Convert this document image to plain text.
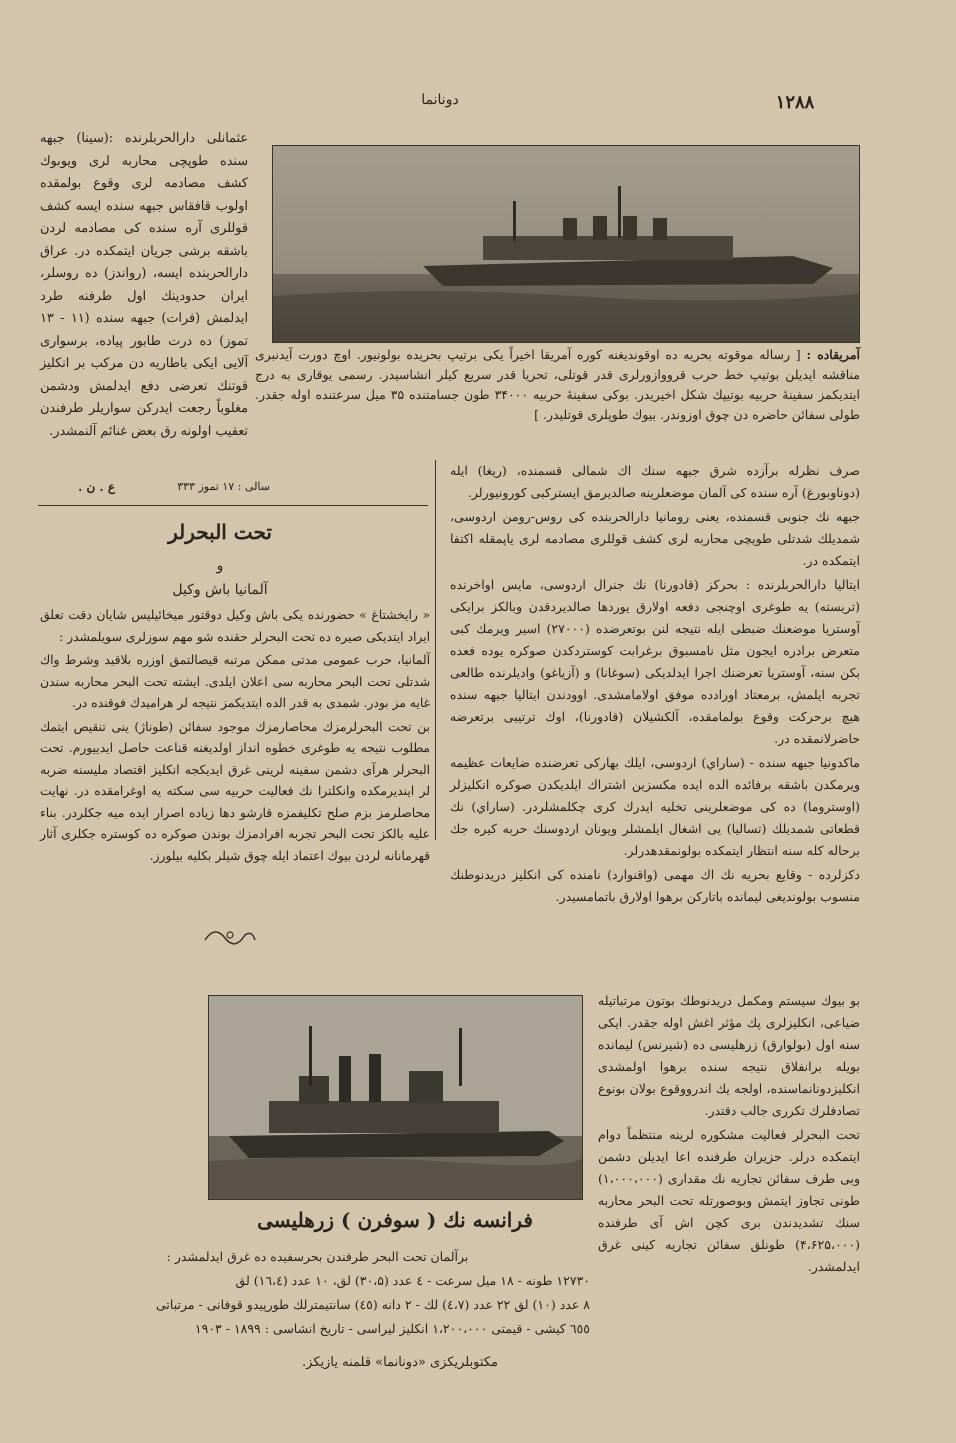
١٢٨٨
دونانما
آمریقاده : [ رساله موقوته بحریه ده اوقوندیغنه کوره آمریقا اخیراً یکی برتیپ بحریده بولونیور. اوچ دورت آیدنبری مناقشه ایدیلن بوتیپ خط حرب قرووازورلری قدر قوتلی، تحریا قدر سریع کیلر انشاسیدر. رسمی یوقاری به درج ایتدیکمز سفینهٔ حربیه بوتیپك شکل اخیریدر. بوکی سفینهٔ حربیه ۳۴۰۰۰ طون جسامتنده ۳۵ میل سرعتنده اوله جقدر. طولی سفائن حاضره دن چوق اوزوندر. بیوك طوپلری قوتلیدر. ]

عثمانلی دارالحربلرنده :(سینا) جبهه سنده طوپچی محاربه لری ویوبوك کشف مصادمه لری وقوع بولمقده اولوب قافقاس جبهه سنده ایسه کشف قوللری آره سنده کی مصادمه لردن باشقه برشی جریان ایتمکده در. عراق دارالحربنده ایسه، (رواندز) ده روسلر، ایران حدودینك اول طرفنه طرد ایدلمش (فرات) جبهه سنده (۱۱ - ۱۳ تموز) ده درت طابور پیاده، برسواری آلایی ایکی باطاریه دن مرکب بر انکلیز قوتنك تعرضی دفع ایدلمش ودشمن مغلوباً رجعت ایدرکن سواریلر طرفندن تعقیب اولونه رق بعض غنائم آلنمشدر.

سالی : ۱۷ تموز ۳۳۳
ع . ن .

صرف نظرله برآزده شرق جبهه سنك اك شمالی قسمنده، (ریغا) ایله (دوناوبورغ) آره سنده کی آلمان موضعلرینه صالدیرمق ایسترکبی کورونیورلر.

جبهه نك جنوبی قسمنده، یعنی رومانیا دارالحربنده کی روس-رومن اردوسی، شمدیلك شدتلی طوپچی محاربه لری کشف قوللری مصادمه لری یاپمقله اکتفا ایتمکده در.

ایتالیا دارالحربلرنده : بحرکز (قادورنا) نك جنرال اردوسی، مایس اواخرنده (تریسته) یه طوغری اوچنجی دفعه اولارق یوردها صالدیردقدن وبالکز برایکی آوستریا موضعنك ضبطی ایله نتیجه لنن بوتعرضده (۲۷۰۰۰) اسیر ویرمك کبی متعرض برادره ایجون مثل نامسبوق برغرابت کوستردکدن صوکره یوده فعده بکن سنه، آوستریا تعرضنك اجرا ایدلدیکی (سوغانا) و (آزیاغو) وادیلرنده طالعی تجربه ایلمش، برمعتاد اورادده موفق اولامامشدی. اوودندن ایتالیا جبهه سنده هیچ برحرکت وقوع بولمامقده، آلکشیلان (قادورنا)، اوك ترتیبی برتعرضه حاضرلانمقده در.

ماکدونیا جبهه سنده - (ساراي) اردوسی، ایلك بهارکی تعرضنده ضایعات عظیمه ویرمکدن باشقه برفائده الده ایده مکسزین اشتراك ایلدیکدن صوکره انکلیزلر (اوستروما) ده کی موضعلرینی تخلیه ایدرك کری چکلمشلردر. (ساراي) نك قطعاتی شمدیلك (تسالیا) یی اشغال ایلمشلر ویونان اردوسنك حربه کیره جك برحاله کله سنه انتظار ایتمکده بولونمقدهدرلر.

دکزلرده - وقایع بحریه نك اك مهمی (واقنوارد) نامنده کی انکلیز دریدنوطنك منسوب بولوندیغی لیمانده باتارکن برهوا اولارق باتمامسیدر.

تحت البحرلر
و
آلمانیا باش وکیل

« رایخشتاغ » حضورنده یکی باش وکیل دوقتور میخائیلیس شایان دقت تعلق ایراد ایتدیکی صیره ده تحت البحرلر حقنده شو مهم سوزلری سویلمشدر :

آلمانیا، حرب عمومی مدتی ممکن مرتبه قیصالتمق اوزره بلاقید وشرط واك شدتلی تحت البحر محاربه سی اعلان ایلدی. ایشته تحت البحر محاربه سندن غایه مز بودر. شمدی به قدر الده ایتدیکمز نتیجه لر هرامیدك فوقنده در.

بن تحت البحرلرمزك محاصارمزك موجود سفائن (طوناژ) ینی تنقیص ایتمك مطلوب نتیجه یه طوغری خطوه انداز اولدیغنه قناعت حاصل ایدییورم. تحت البحرلر هرآی دشمن سفینه لرینی غرق ایدیکجه انکلیز اقتصاد ملیسنه ضربه لر ایندیرمکده وانکلترا نك فعالیت حربیه سی سکته یه اوغرامقده در. نهایت محاصلرمز بزم صلح تکلیفمزه قارشو دها زیاده اصرار ایده میه جکلردر. بناء علیه بالکز تحت البحر تجربه افرادمزك بوندن صوکره ده کوستره جکلری آثار قهرمانانه لردن بیوك اعتماد ایله چوق شیلر بکلیه بیلورز.

بو بیوك سیستم ومکمل دریدنوطك بوتون مرتباتیله ضیاعی، انکلیزلری پك مؤثر اغش اوله جقدر. ایکی سنه اول (بولوارق) زرهلیسی ده (شیرنس) لیمانده بویله برانفلاق نتیجه سنده برهوا اولمشدی انکلیزدونانماسنده، اولجه یك اندرووقوع بولان بونوع تصادفلرك تکرری جالب دقتدر.

تحت البحرلر فعالیت مشکوره لرینه منتظماً دوام ایتمکده درلر. حزیران طرفنده اعا ایدیلن دشمن وبی طرف سفائن تجاریه نك مقداری (۱،۰۰۰،۰۰۰) طونی تجاوز ایتمش وبوصورتله تحت البحر محاربه سنك تشدیدندن بری کچن اش آی طرفنده (۴،۶۲۵،۰۰۰) طونلق سفائن تجاریه کینی غرق ایدلمشدر.

فرانسه نك ( سوفرن ) زرهلیسی
برآلمان تحت البحر طرفندن بحرسفیده ده غرق ایدلمشدر :
۱۲۷۳۰ طونه - ۱۸ میل سرعت - ٤ عدد (۳۰،۵) لق، ۱۰ عدد (۱٦،٤) لق
۸ عدد (۱۰) لق ۲۲ عدد (٤،٧) لك - ۲ دانه (٤٥) سانتیمترلك طورپیدو قوفانی - مرتباتی
٦٥٥ کیشی - قیمتی ۱،۲۰۰،۰۰۰ انکلیز لیراسی - تاریخ انشاسی : ۱۸۹۹ - ۱۹۰۳
مکتوبلریکزی «دونانما» قلمنه یازیکز.
